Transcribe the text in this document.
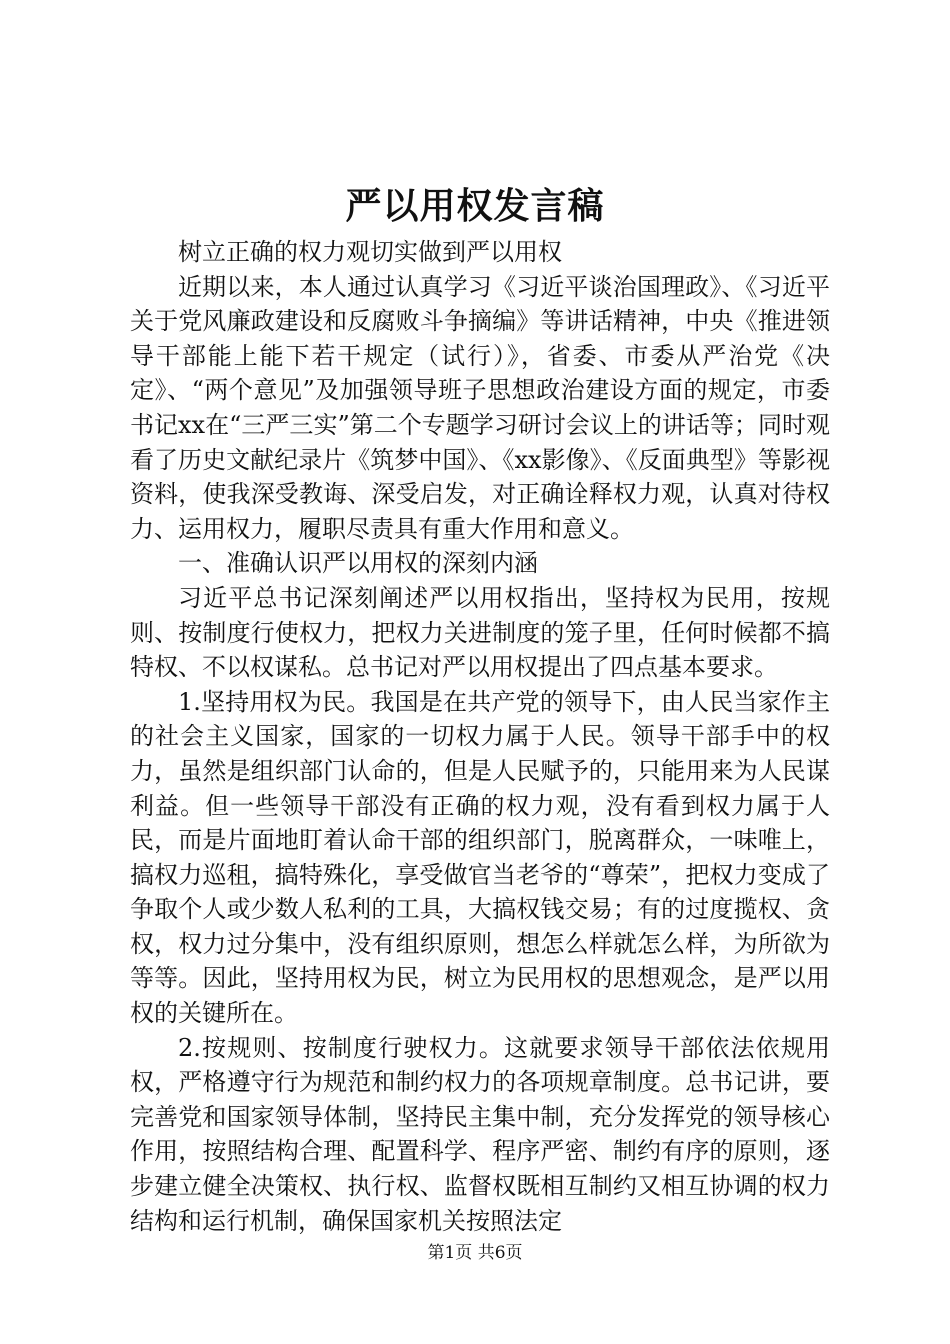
严以用权发言稿

树立正确的权力观切实做到严以用权

近期以来，本人通过认真学习《习近平谈治国理政》、《习近平关于党风廉政建设和反腐败斗争摘编》等讲话精神，中央《推进领导干部能上能下若干规定（试行）》，省委、市委从严治党《决定》、“两个意见”及加强领导班子思想政治建设方面的规定，市委书记xx在“三严三实”第二个专题学习研讨会议上的讲话等；同时观看了历史文献纪录片《筑梦中国》、《xx影像》、《反面典型》等影视资料，使我深受教诲、深受启发，对正确诠释权力观，认真对待权力、运用权力，履职尽责具有重大作用和意义。

一、准确认识严以用权的深刻内涵

习近平总书记深刻阐述严以用权指出，坚持权为民用，按规则、按制度行使权力，把权力关进制度的笼子里，任何时候都不搞特权、不以权谋私。总书记对严以用权提出了四点基本要求。

1.坚持用权为民。我国是在共产党的领导下，由人民当家作主的社会主义国家，国家的一切权力属于人民。领导干部手中的权力，虽然是组织部门认命的，但是人民赋予的，只能用来为人民谋利益。但一些领导干部没有正确的权力观，没有看到权力属于人民，而是片面地盯着认命干部的组织部门，脱离群众，一味唯上，搞权力巡租，搞特殊化，享受做官当老爷的“尊荣”，把权力变成了争取个人或少数人私利的工具，大搞权钱交易；有的过度揽权、贪权，权力过分集中，没有组织原则，想怎么样就怎么样，为所欲为等等。因此，坚持用权为民，树立为民用权的思想观念，是严以用权的关键所在。

2.按规则、按制度行驶权力。这就要求领导干部依法依规用权，严格遵守行为规范和制约权力的各项规章制度。总书记讲，要完善党和国家领导体制，坚持民主集中制，充分发挥党的领导核心作用，按照结构合理、配置科学、程序严密、制约有序的原则，逐步建立健全决策权、执行权、监督权既相互制约又相互协调的权力结构和运行机制，确保国家机关按照法定

第1页 共6页
